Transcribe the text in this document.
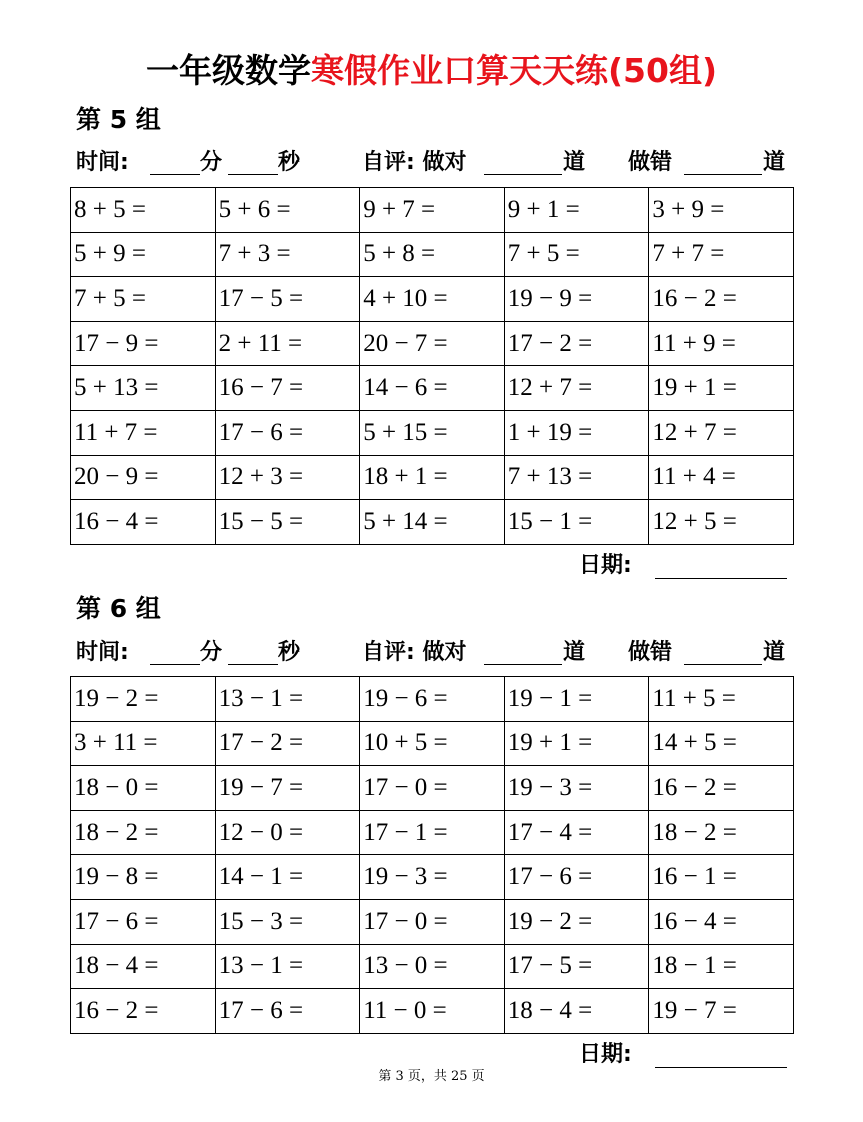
一年级数学寒假作业口算天天练(50组)
第 5 组
时间:	分	秒	自评: 做对	道 做错	道
8 + 5 =	5 + 6 =	9 + 7 =	9 + 1 =	3 + 9 =
5 + 9 =	7 + 3 =	5 + 8 =	7 + 5 =	7 + 7 =
7 + 5 =	17 − 5 =	4 + 10 =	19 − 9 =	16 − 2 =
17 − 9 =	2 + 11 =	20 − 7 =	17 − 2 =	11 + 9 =
5 + 13 =	16 − 7 =	14 − 6 =	12 + 7 =	19 + 1 =
11 + 7 =	17 − 6 =	5 + 15 =	1 + 19 =	12 + 7 =
20 − 9 =	12 + 3 =	18 + 1 =	7 + 13 =	11 + 4 =
16 − 4 =	15 − 5 =	5 + 14 =	15 − 1 =	12 + 5 =
日期:
第 6 组
时间:	分	秒	自评: 做对	道 做错	道
19 − 2 =	13 − 1 =	19 − 6 =	19 − 1 =	11 + 5 =
3 + 11 =	17 − 2 =	10 + 5 =	19 + 1 =	14 + 5 =
18 − 0 =	19 − 7 =	17 − 0 =	19 − 3 =	16 − 2 =
18 − 2 =	12 − 0 =	17 − 1 =	17 − 4 =	18 − 2 =
19 − 8 =	14 − 1 =	19 − 3 =	17 − 6 =	16 − 1 =
17 − 6 =	15 − 3 =	17 − 0 =	19 − 2 =	16 − 4 =
18 − 4 =	13 − 1 =	13 − 0 =	17 − 5 =	18 − 1 =
16 − 2 =	17 − 6 =	11 − 0 =	18 − 4 =	19 − 7 =
日期:
第 3 页，共 25 页
